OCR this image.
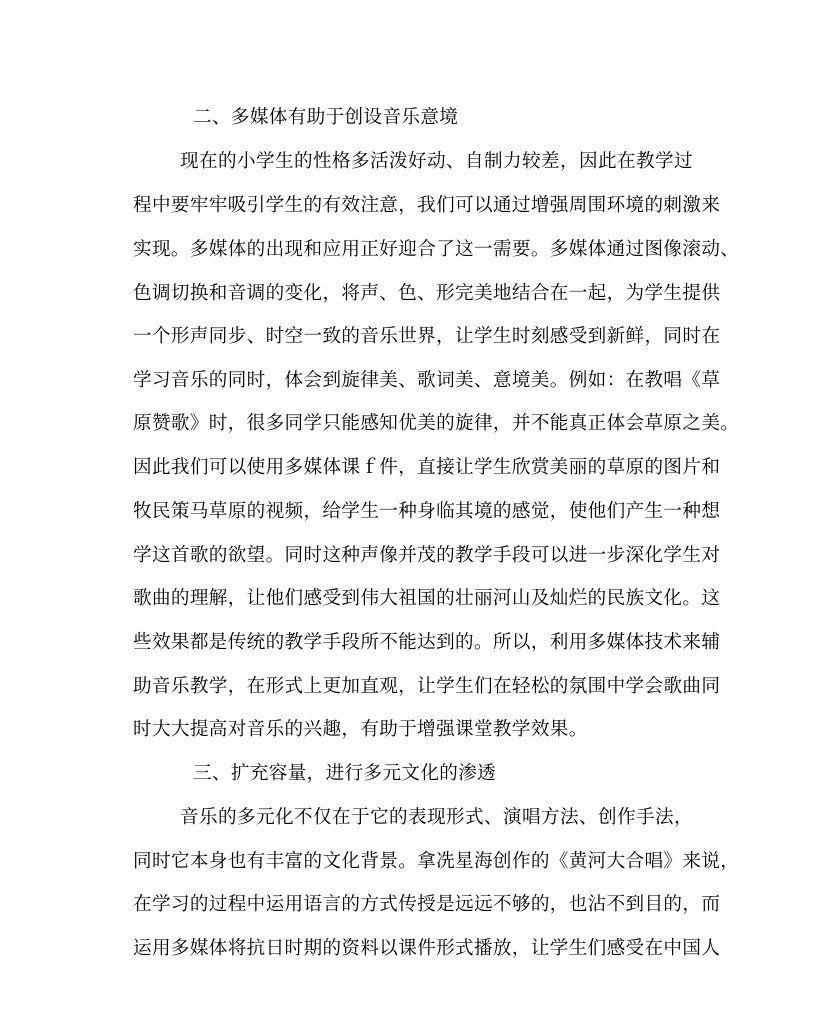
二、多媒体有助于创设音乐意境
现在的小学生的性格多活泼好动、自制力较差，因此在教学过
程中要牢牢吸引学生的有效注意，我们可以通过增强周围环境的刺激来
实现。多媒体的出现和应用正好迎合了这一需要。多媒体通过图像滚动、
色调切换和音调的变化，将声、色、形完美地结合在一起，为学生提供
一个形声同步、时空一致的音乐世界，让学生时刻感受到新鲜，同时在
学习音乐的同时，体会到旋律美、歌词美、意境美。例如：在教唱《草
原赞歌》时，很多同学只能感知优美的旋律，并不能真正体会草原之美。
因此我们可以使用多媒体课ｆ件，直接让学生欣赏美丽的草原的图片和
牧民策马草原的视频，给学生一种身临其境的感觉，使他们产生一种想
学这首歌的欲望。同时这种声像并茂的教学手段可以进一步深化学生对
歌曲的理解，让他们感受到伟大祖国的壮丽河山及灿烂的民族文化。这
些效果都是传统的教学手段所不能达到的。所以，利用多媒体技术来辅
助音乐教学，在形式上更加直观，让学生们在轻松的氛围中学会歌曲同
时大大提高对音乐的兴趣，有助于增强课堂教学效果。
三、扩充容量，进行多元文化的渗透
音乐的多元化不仅在于它的表现形式、演唱方法、创作手法，
同时它本身也有丰富的文化背景。拿冼星海创作的《黄河大合唱》来说，
在学习的过程中运用语言的方式传授是远远不够的，也沾不到目的，而
运用多媒体将抗日时期的资料以课件形式播放，让学生们感受在中国人
